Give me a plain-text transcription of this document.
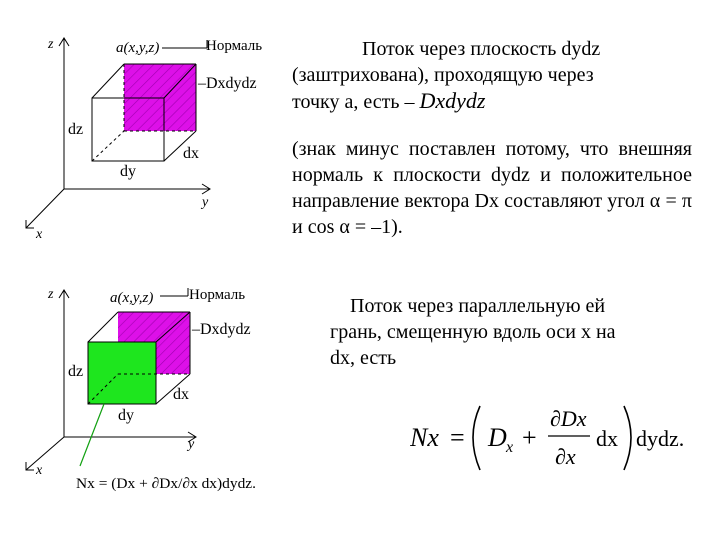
z	a(x,y,z)	Нормаль
–Dxdydz
dz
dx
dy
y
x
z	a(x,y,z) Нормаль
–Dxdydz
dz
dx
dy
y
x
Nx = (Dx + ∂Dx/∂x dx)dydz.
Поток через плоскость dydz
(заштрихована), проходящую через
точку a, есть – Dxdydz
(знак минус поставлен потому, что внешняя нормаль к плоскости dydz и положительное направление вектора Dx составляют угол α = π и cos α = –1).
Поток через параллельную ей
грань, смещенную вдоль оси x на
dx, есть
Nx = D x +
∂Dx
∂x
dx dydz.
